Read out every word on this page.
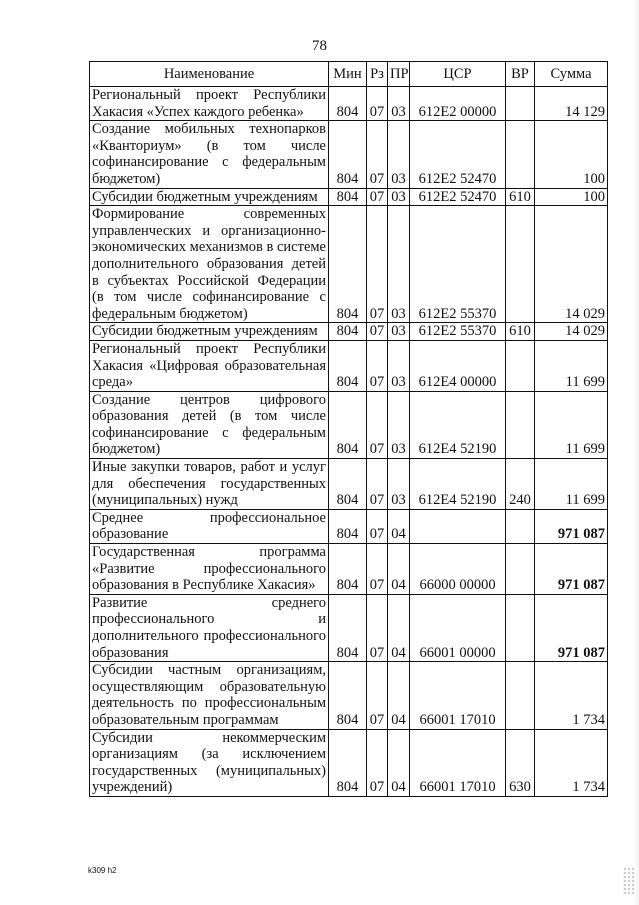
78
Наименование	Мин	Рз	ПР	ЦСР	ВР	Сумма
Региональный проект Республики Хакасия «Успех каждого ребенка»	804	07	03	612E2 00000		14 129
Создание мобильных технопарков «Кванториум» (в том числе софинансирование с федеральным бюджетом)	804	07	03	612E2 52470		100
Субсидии бюджетным учреждениям	804	07	03	612E2 52470	610	100
Формирование современных управленческих и организационно-экономических механизмов в системе дополнительного образования детей в субъектах Российской Федерации (в том числе софинансирование с федеральным бюджетом)	804	07	03	612E2 55370		14 029
Субсидии бюджетным учреждениям	804	07	03	612E2 55370	610	14 029
Региональный проект Республики Хакасия «Цифровая образовательная среда»	804	07	03	612E4 00000		11 699
Создание центров цифрового образования детей (в том числе софинансирование с федеральным бюджетом)	804	07	03	612E4 52190		11 699
Иные закупки товаров, работ и услуг для обеспечения государственных (муниципальных) нужд	804	07	03	612E4 52190	240	11 699
Среднее профессиональное образование	804	07	04			971 087
Государственная программа «Развитие профессионального образования в Республике Хакасия»	804	07	04	66000 00000		971 087
Развитие среднего профессионального и дополнительного профессионального образования	804	07	04	66001 00000		971 087
Субсидии частным организациям, осуществляющим образовательную деятельность по профессиональным образовательным программам	804	07	04	66001 17010		1 734
Субсидии некоммерческим организациям (за исключением государственных (муниципальных) учреждений)	804	07	04	66001 17010	630	1 734
k309 h2
